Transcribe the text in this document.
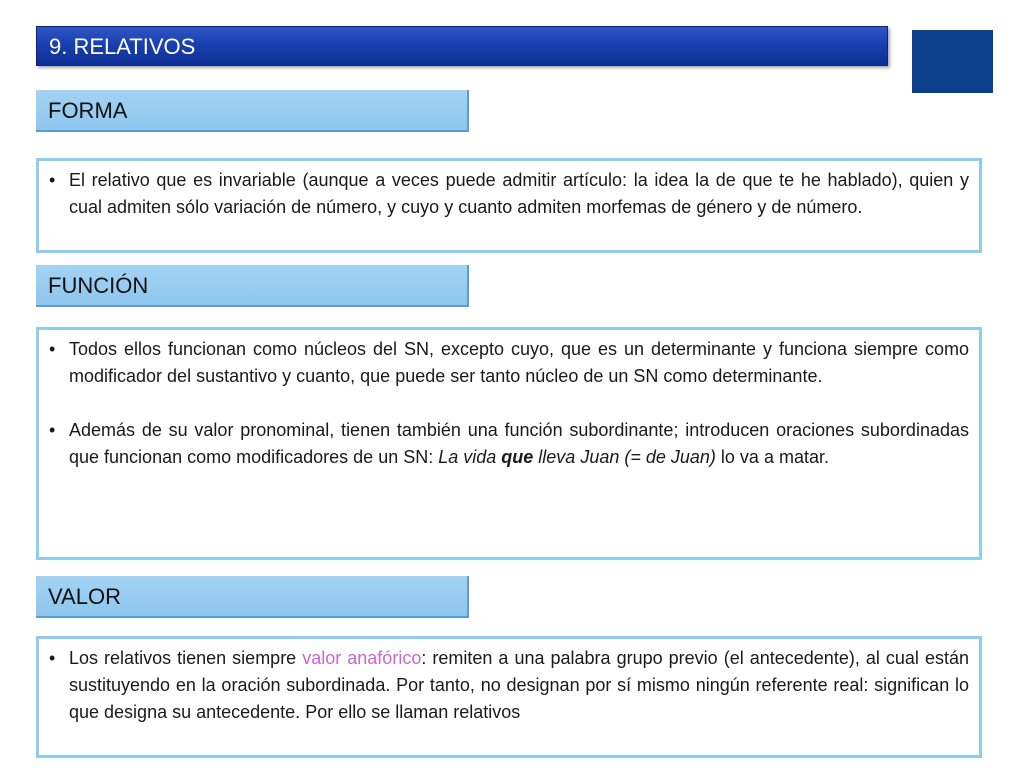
9. RELATIVOS
FORMA

• El relativo que es invariable (aunque a veces puede admitir artículo: la idea la de que te he hablado), quien y cual admiten sólo variación de número, y cuyo y cuanto admiten morfemas de género y de número.

FUNCIÓN

• Todos ellos funcionan como núcleos del SN, excepto cuyo, que es un determinante y funciona siempre como modificador del sustantivo y cuanto, que puede ser tanto núcleo de un SN como determinante.

• Además de su valor pronominal, tienen también una función subordinante; introducen oraciones subordinadas que funcionan como modificadores de un SN: La vida que lleva Juan (= de Juan) lo va a matar.

VALOR

• Los relativos tienen siempre valor anafórico: remiten a una palabra grupo previo (el antecedente), al cual están sustituyendo en la oración subordinada. Por tanto, no designan por sí mismo ningún referente real: significan lo que designa su antecedente. Por ello se llaman relativos
